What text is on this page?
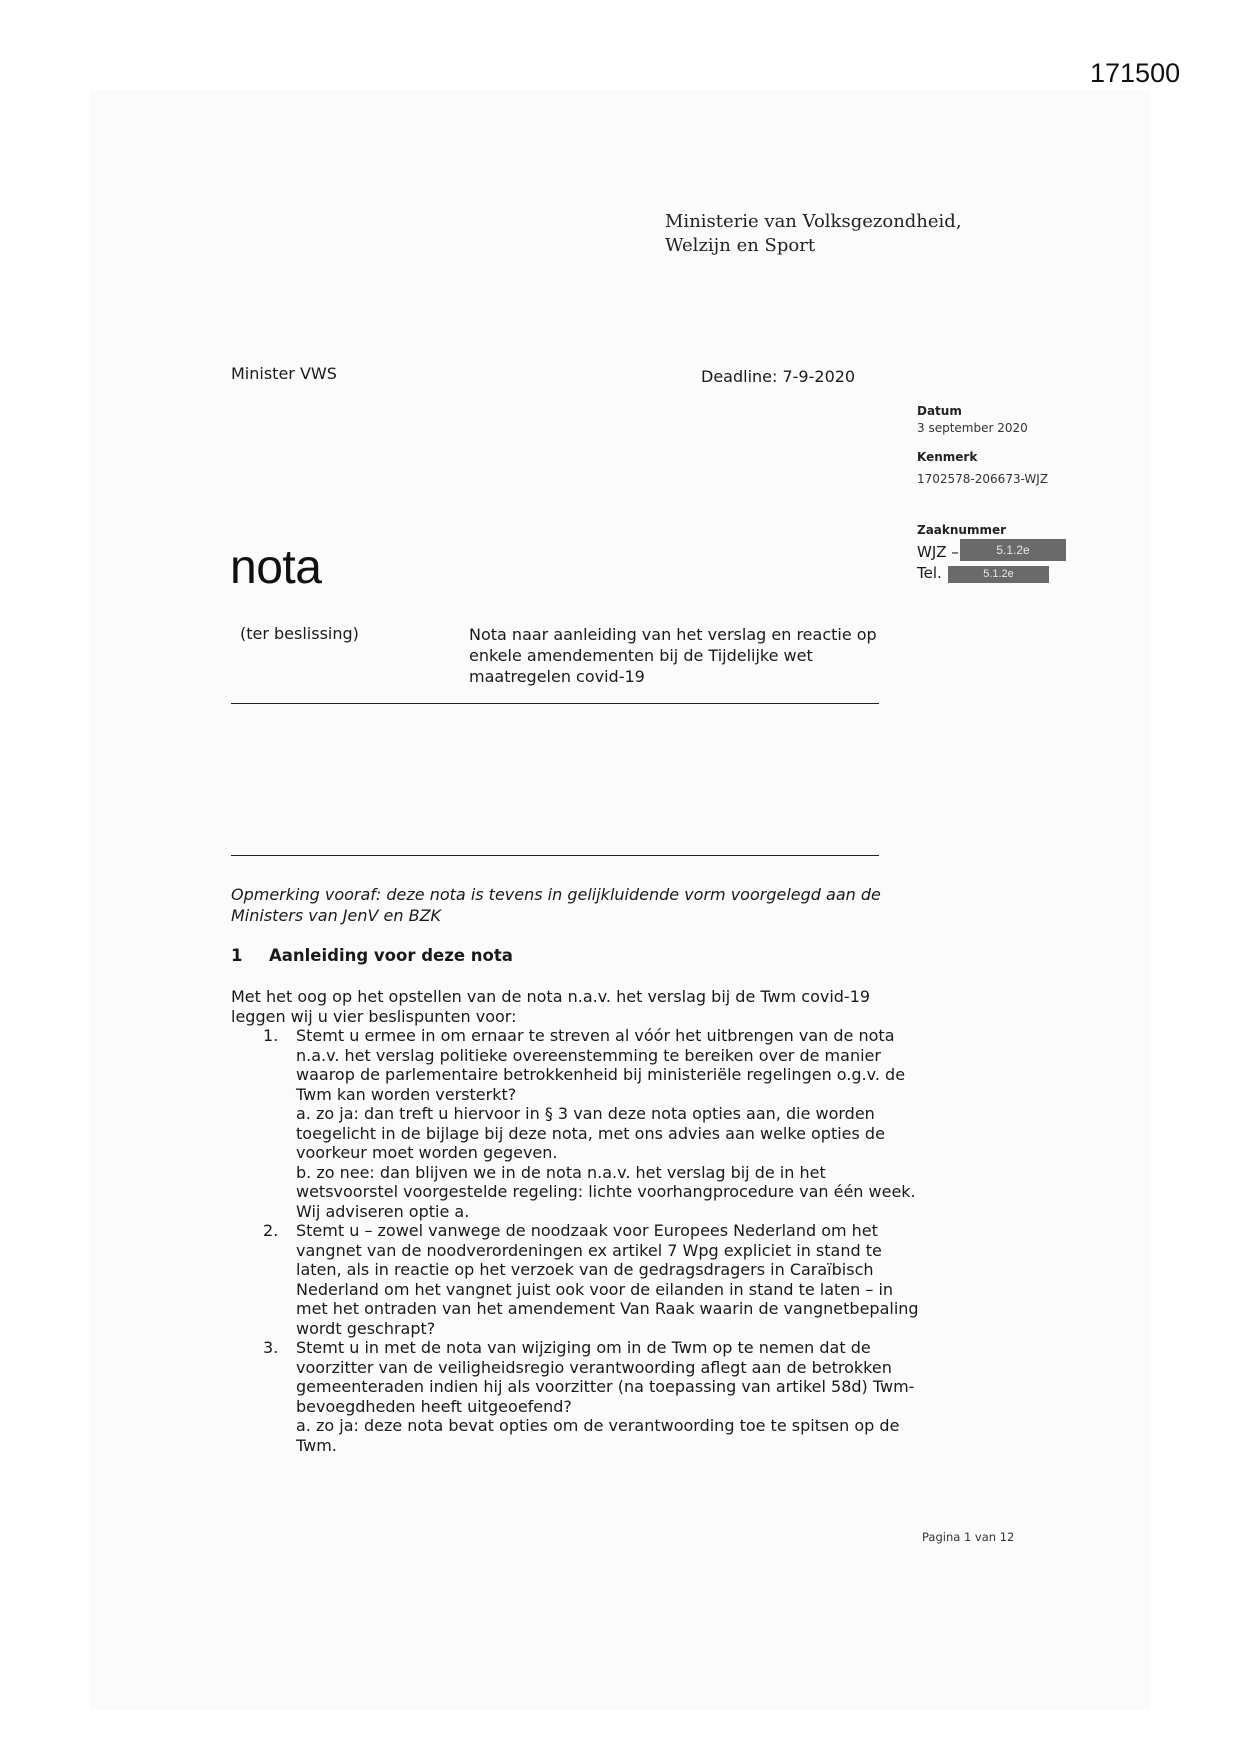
171500
Ministerie van Volksgezondheid,
Welzijn en Sport
Minister VWS	Deadline: 7-9-2020
Datum
3 september 2020
Kenmerk
1702578-206673-WJZ
Zaaknummer
WJZ –	5.1.2e
Tel.	5.1.2e
nota
(ter beslissing)	Nota naar aanleiding van het verslag en reactie op enkele amendementen bij de Tijdelijke wet maatregelen covid-19
Opmerking vooraf: deze nota is tevens in gelijkluidende vorm voorgelegd aan de Ministers van JenV en BZK
1 Aanleiding voor deze nota
Met het oog op het opstellen van de nota n.a.v. het verslag bij de Twm covid-19 leggen wij u vier beslispunten voor:
1. Stemt u ermee in om ernaar te streven al vóór het uitbrengen van de nota n.a.v. het verslag politieke overeenstemming te bereiken over de manier waarop de parlementaire betrokkenheid bij ministeriële regelingen o.g.v. de Twm kan worden versterkt?
a. zo ja: dan treft u hiervoor in § 3 van deze nota opties aan, die worden toegelicht in de bijlage bij deze nota, met ons advies aan welke opties de voorkeur moet worden gegeven.
b. zo nee: dan blijven we in de nota n.a.v. het verslag bij de in het wetsvoorstel voorgestelde regeling: lichte voorhangprocedure van één week.
Wij adviseren optie a.
2. Stemt u – zowel vanwege de noodzaak voor Europees Nederland om het vangnet van de noodverordeningen ex artikel 7 Wpg expliciet in stand te laten, als in reactie op het verzoek van de gedragsdragers in Caraïbisch Nederland om het vangnet juist ook voor de eilanden in stand te laten – in met het ontraden van het amendement Van Raak waarin de vangnetbepaling wordt geschrapt?
3. Stemt u in met de nota van wijziging om in de Twm op te nemen dat de voorzitter van de veiligheidsregio verantwoording aflegt aan de betrokken gemeenteraden indien hij als voorzitter (na toepassing van artikel 58d) Twm-bevoegdheden heeft uitgeoefend?
a. zo ja: deze nota bevat opties om de verantwoording toe te spitsen op de Twm.
Pagina 1 van 12
